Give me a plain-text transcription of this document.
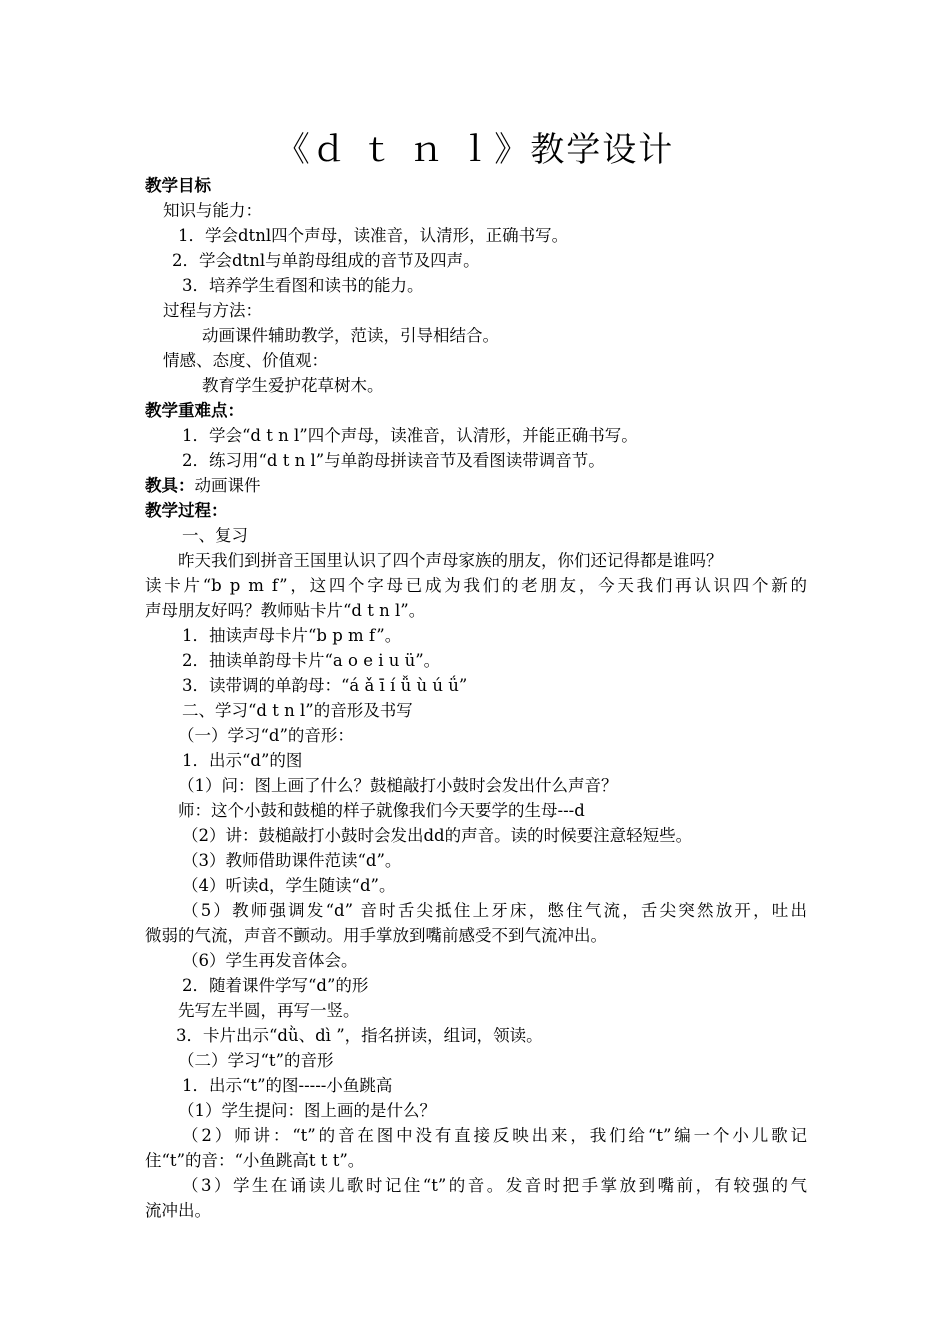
《ｄ ｔ ｎ ｌ》教学设计
教学目标
知识与能力：
1．学会dtnl四个声母，读准音，认清形，正确书写。
2．学会dtnl与单韵母组成的音节及四声。
3．培养学生看图和读书的能力。
过程与方法：
动画课件辅助教学，范读，引导相结合。
情感、态度、价值观：
教育学生爱护花草树木。
教学重难点：
1．学会“d t n l”四个声母，读准音，认清形，并能正确书写。
2．练习用“d t n l”与单韵母拼读音节及看图读带调音节。
教具：动画课件
教学过程：
一、复习
昨天我们到拼音王国里认识了四个声母家族的朋友，你们还记得都是谁吗？
读卡片“b p m f”，这四个字母已成为我们的老朋友，今天我们再认识四个新的
声母朋友好吗？教师贴卡片“d t n l”。
1．抽读声母卡片“b p m f”。
2．抽读单韵母卡片“a o e i u ü”。
3．读带调的单韵母：“á ǎ ī í ǚ ù ú ǘ”
二、学习“d t n l”的音形及书写
（一）学习“d”的音形：
1．出示“d”的图
（1）问：图上画了什么？鼓槌敲打小鼓时会发出什么声音？
师：这个小鼓和鼓槌的样子就像我们今天要学的生母---d
（2）讲：鼓槌敲打小鼓时会发出dd的声音。读的时候要注意轻短些。
（3）教师借助课件范读“d”。
（4）听读d，学生随读“d”。
（5）教师强调发“d” 音时舌尖抵住上牙床，憋住气流，舌尖突然放开，吐出
微弱的气流，声音不颤动。用手掌放到嘴前感受不到气流冲出。
（6）学生再发音体会。
2．随着课件学写“d”的形
先写左半圆，再写一竖。
3．卡片出示“dǜ、dì ”，指名拼读，组词，领读。
（二）学习“t”的音形
1．出示“t”的图-----小鱼跳高
（1）学生提问：图上画的是什么？
（2）师讲：“t”的音在图中没有直接反映出来，我们给“t”编一个小儿歌记
住“t”的音：“小鱼跳高t t t”。
（3）学生在诵读儿歌时记住“t”的音。发音时把手掌放到嘴前，有较强的气
流冲出。
